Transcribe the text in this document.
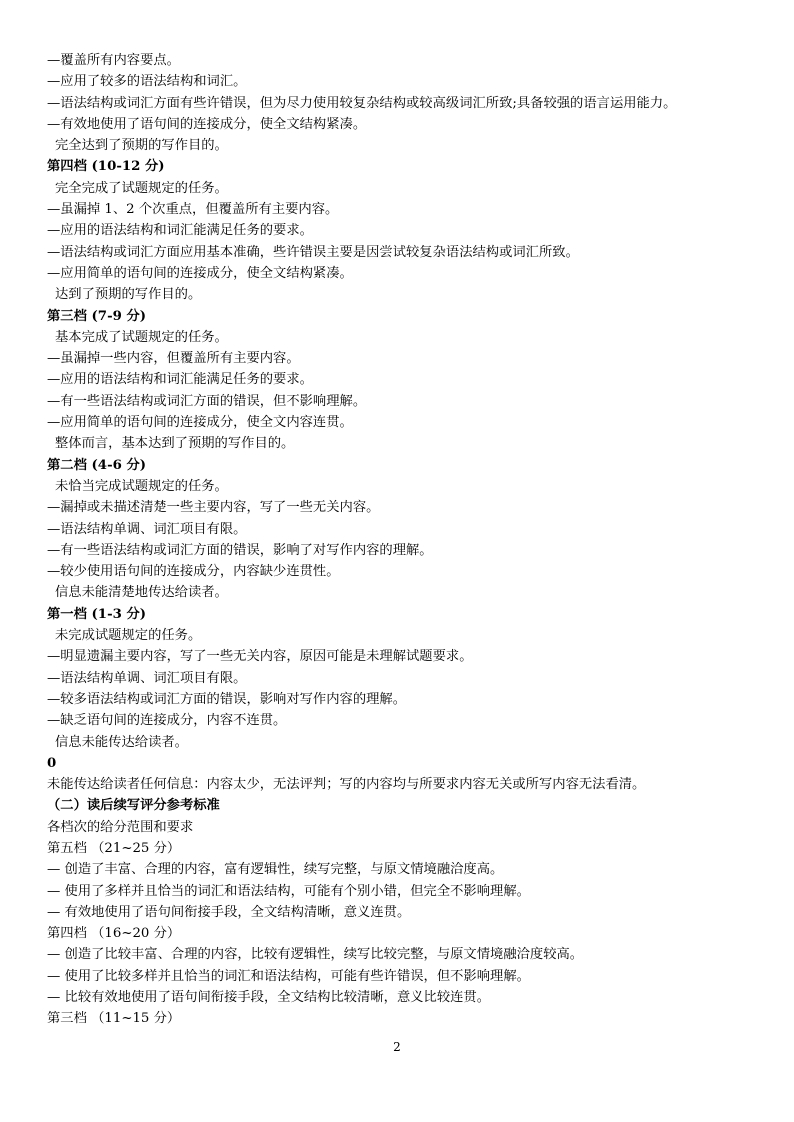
—覆盖所有内容要点。
—应用了较多的语法结构和词汇。
—语法结构或词汇方面有些许错误，但为尽力使用较复杂结构或较高级词汇所致;具备较强的语言运用能力。
—有效地使用了语句间的连接成分，使全文结构紧凑。
完全达到了预期的写作目的。
第四档 (10-12 分)
完全完成了试题规定的任务。
—虽漏掉 1、2 个次重点，但覆盖所有主要内容。
—应用的语法结构和词汇能满足任务的要求。
—语法结构或词汇方面应用基本准确，些许错误主要是因尝试较复杂语法结构或词汇所致。
—应用简单的语句间的连接成分，使全文结构紧凑。
达到了预期的写作目的。
第三档 (7-9 分)
基本完成了试题规定的任务。
—虽漏掉一些内容，但覆盖所有主要内容。
—应用的语法结构和词汇能满足任务的要求。
—有一些语法结构或词汇方面的错误，但不影响理解。
—应用简单的语句间的连接成分，使全文内容连贯。
整体而言，基本达到了预期的写作目的。
第二档 (4-6 分)
未恰当完成试题规定的任务。
—漏掉或未描述清楚一些主要内容，写了一些无关内容。
—语法结构单调、词汇项目有限。
—有一些语法结构或词汇方面的错误，影响了对写作内容的理解。
—较少使用语句间的连接成分，内容缺少连贯性。
信息未能清楚地传达给读者。
第一档 (1-3 分)
未完成试题规定的任务。
—明显遗漏主要内容，写了一些无关内容，原因可能是未理解试题要求。
—语法结构单调、词汇项目有限。
—较多语法结构或词汇方面的错误，影响对写作内容的理解。
—缺乏语句间的连接成分，内容不连贯。
信息未能传达给读者。
0
未能传达给读者任何信息：内容太少，无法评判；写的内容均与所要求内容无关或所写内容无法看清。
（二）读后续写评分参考标准
各档次的给分范围和要求
第五档 （21~25 分）
— 创造了丰富、合理的内容，富有逻辑性，续写完整，与原文情境融洽度高。
— 使用了多样并且恰当的词汇和语法结构，可能有个别小错，但完全不影响理解。
— 有效地使用了语句间衔接手段，全文结构清晰，意义连贯。
第四档 （16~20 分）
— 创造了比较丰富、合理的内容，比较有逻辑性，续写比较完整，与原文情境融洽度较高。
— 使用了比较多样并且恰当的词汇和语法结构，可能有些许错误，但不影响理解。
— 比较有效地使用了语句间衔接手段，全文结构比较清晰，意义比较连贯。
第三档 （11~15 分）
2
